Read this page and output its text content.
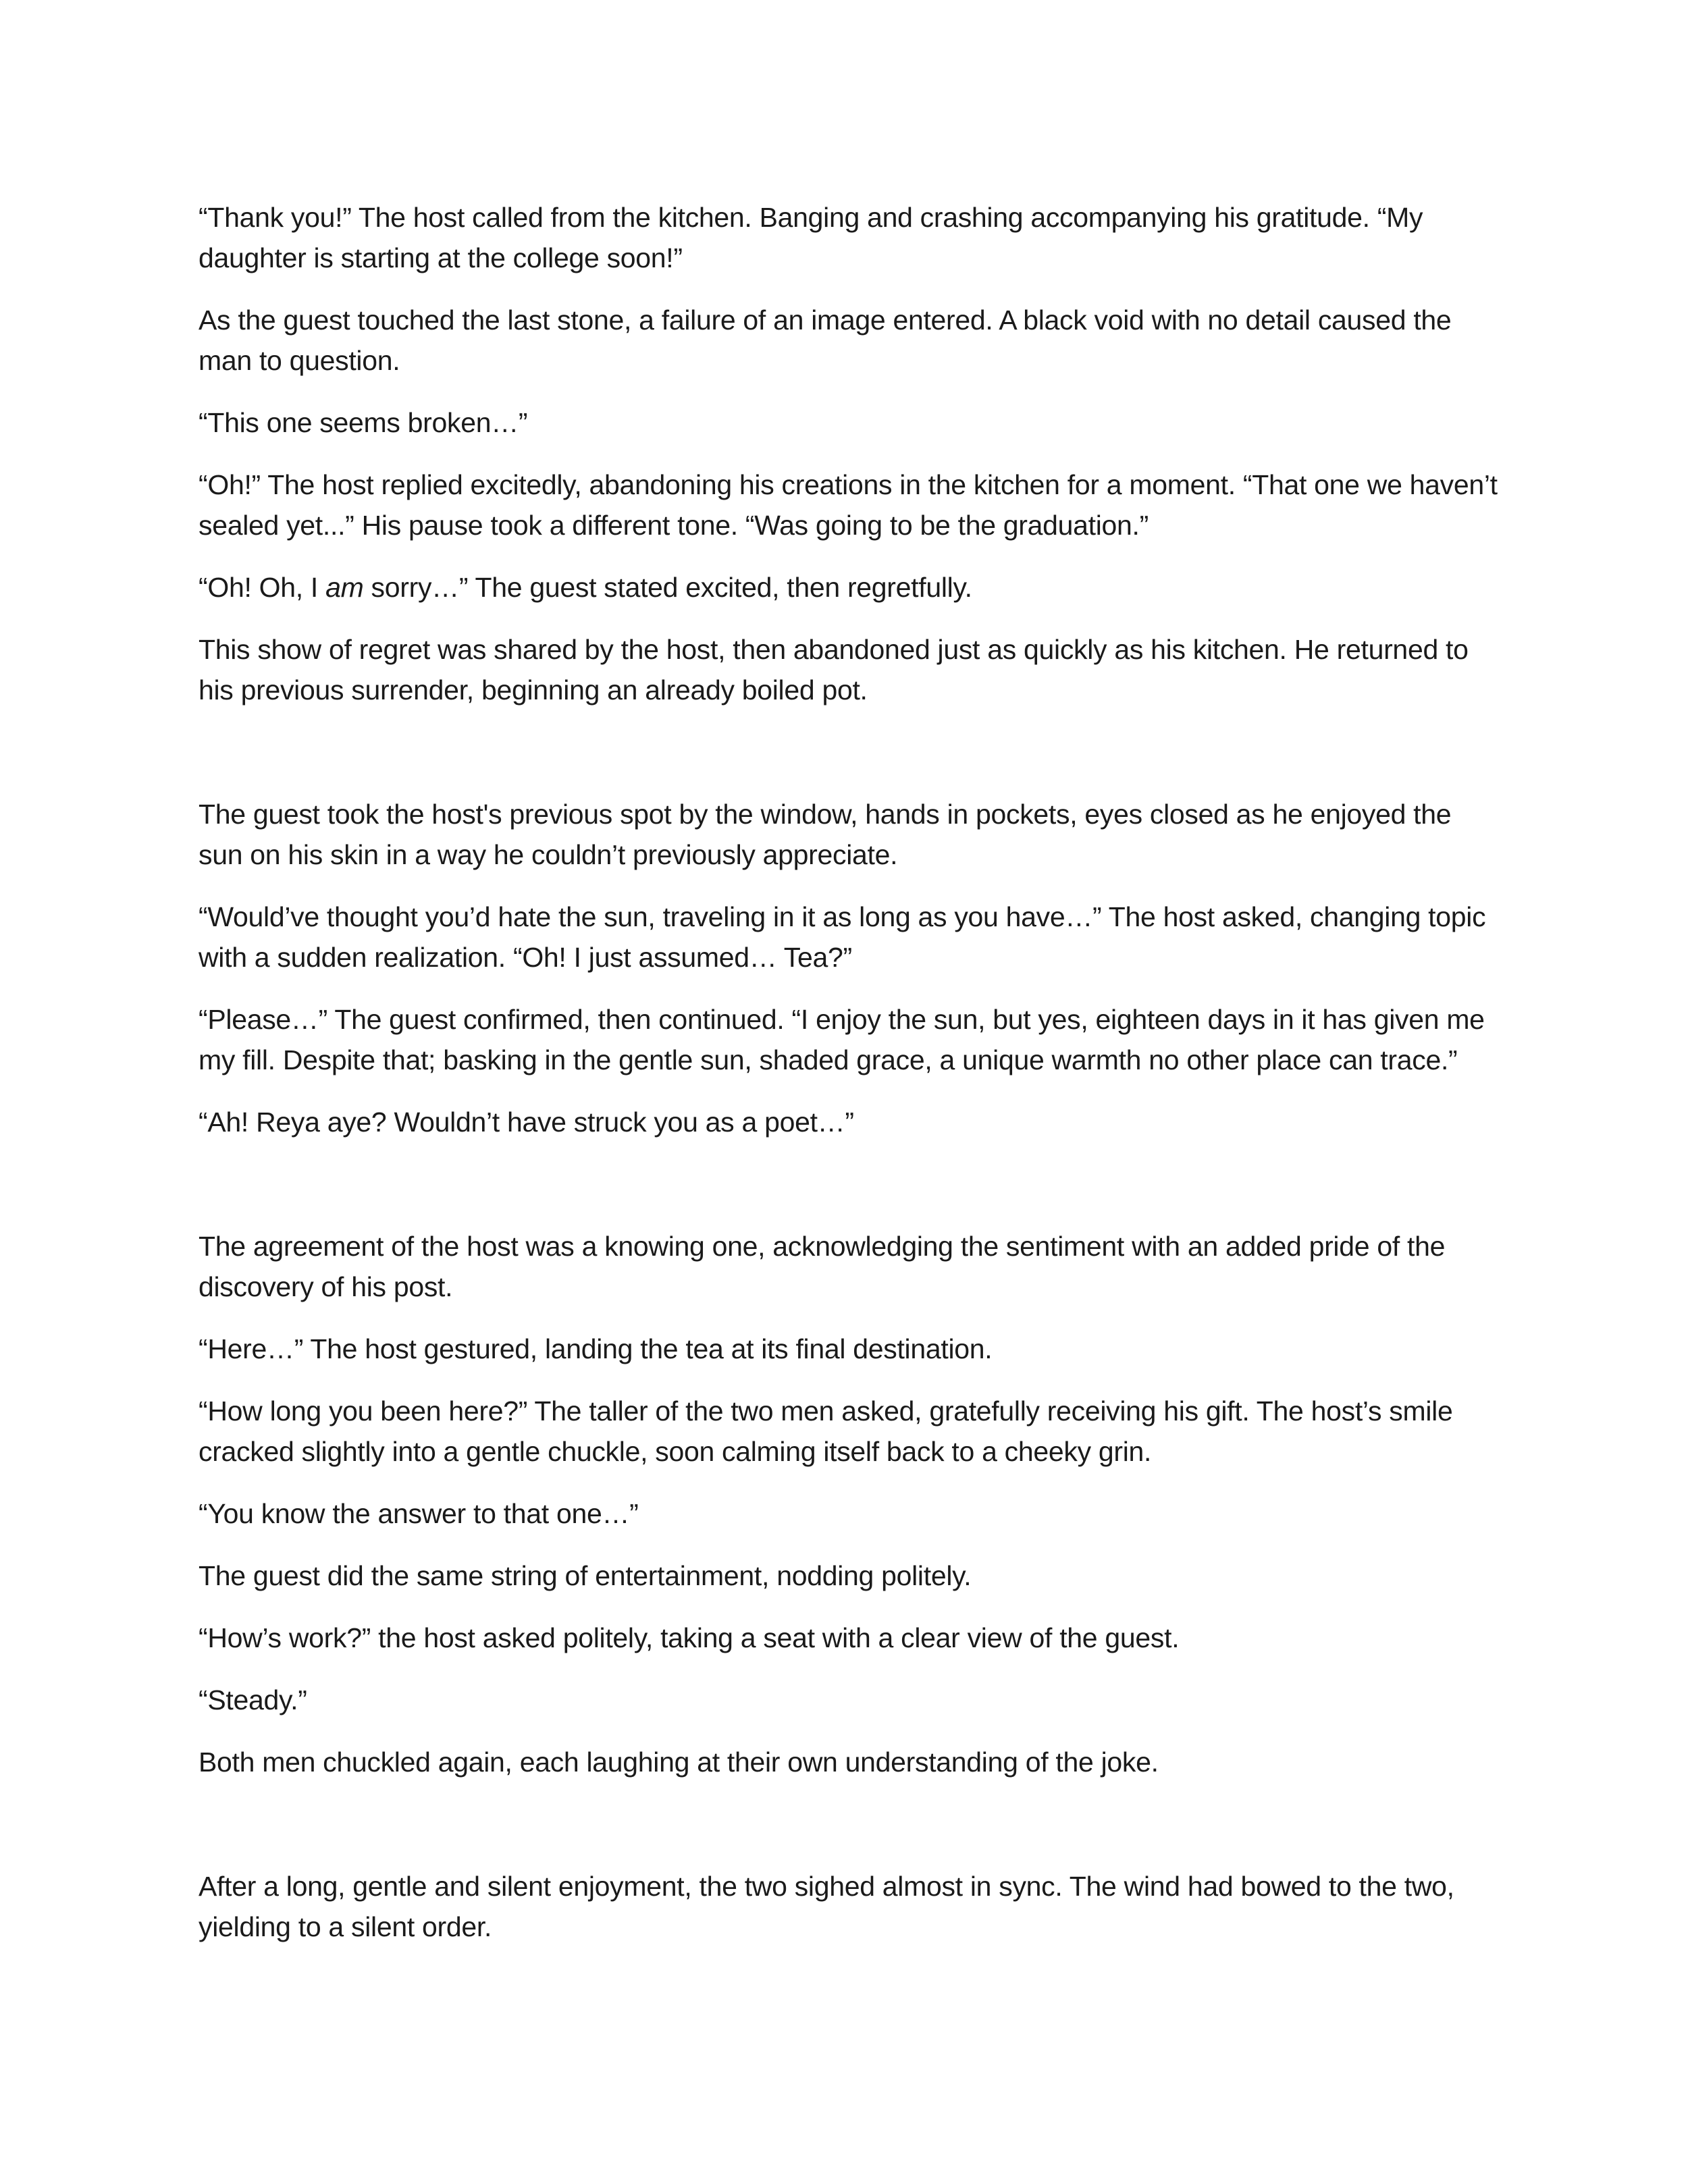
“Thank you!” The host called from the kitchen. Banging and crashing accompanying his gratitude. “My daughter is starting at the college soon!”

As the guest touched the last stone, a failure of an image entered. A black void with no detail caused the man to question.

“This one seems broken…”

“Oh!” The host replied excitedly, abandoning his creations in the kitchen for a moment. “That one we haven’t sealed yet...” His pause took a different tone. “Was going to be the graduation.”

“Oh! Oh, I am sorry…” The guest stated excited, then regretfully.

This show of regret was shared by the host, then abandoned just as quickly as his kitchen. He returned to his previous surrender, beginning an already boiled pot.

The guest took the host's previous spot by the window, hands in pockets, eyes closed as he enjoyed the sun on his skin in a way he couldn’t previously appreciate.

“Would’ve thought you’d hate the sun, traveling in it as long as you have…” The host asked, changing topic with a sudden realization. “Oh! I just assumed… Tea?”

“Please…” The guest confirmed, then continued. “I enjoy the sun, but yes, eighteen days in it has given me my fill. Despite that; basking in the gentle sun, shaded grace, a unique warmth no other place can trace.”

“Ah! Reya aye? Wouldn’t have struck you as a poet…”

The agreement of the host was a knowing one, acknowledging the sentiment with an added pride of the discovery of his post.

“Here…” The host gestured, landing the tea at its final destination.

“How long you been here?” The taller of the two men asked, gratefully receiving his gift. The host’s smile cracked slightly into a gentle chuckle, soon calming itself back to a cheeky grin.

“You know the answer to that one…”

The guest did the same string of entertainment, nodding politely.

“How’s work?” the host asked politely, taking a seat with a clear view of the guest.

“Steady.”

Both men chuckled again, each laughing at their own understanding of the joke.

After a long, gentle and silent enjoyment, the two sighed almost in sync. The wind had bowed to the two, yielding to a silent order.
